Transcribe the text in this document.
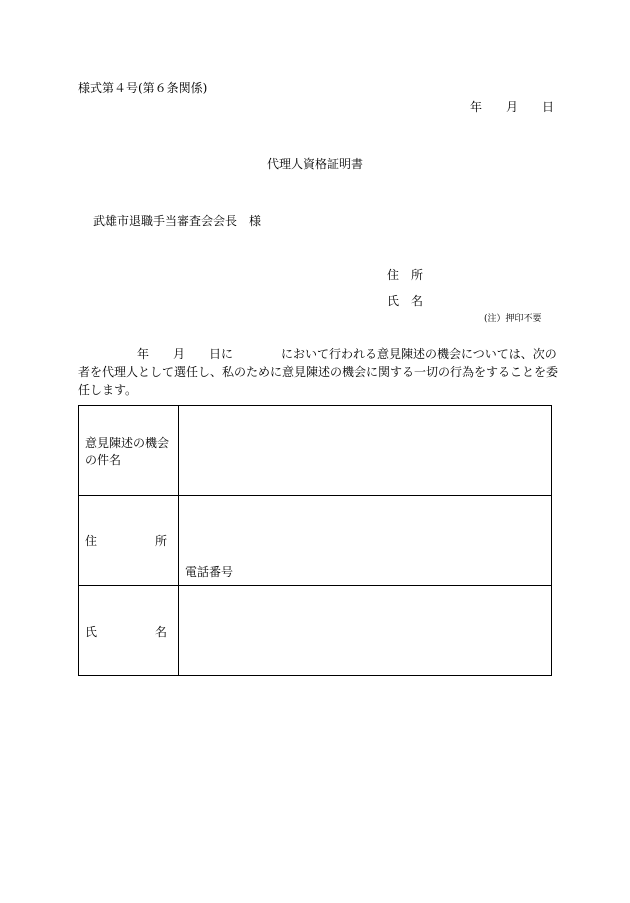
様式第４号(第６条関係)
年 月 日
代理人資格証明書
武雄市退職手当審査会会長　様
住 所
氏 名
(注）押印不要
年 月 日に	において行われる意見陳述の機会については、次の
者を代理人として選任し、私のために意見陳述の機会に関する一切の行為をすることを委
任します。
意見陳述の機会
の件名	

住 所	電話番号

氏 名	
